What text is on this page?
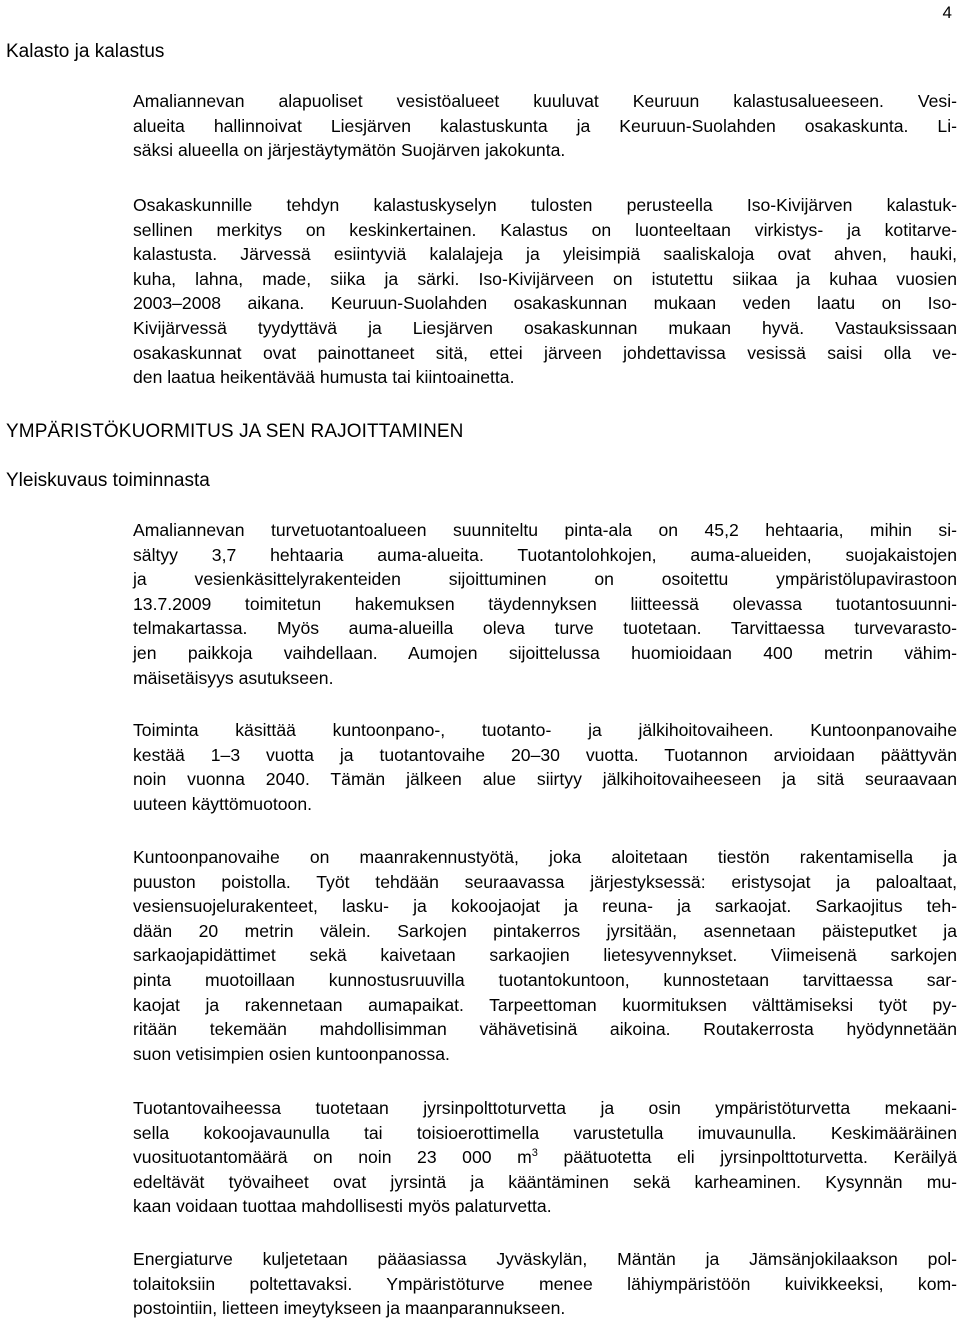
Kalasto ja kalastus
4
Amaliannevan alapuoliset vesistöalueet kuuluvat Keuruun kalastusalueeseen. Vesi-
alueita hallinnoivat Liesjärven kalastuskunta ja Keuruun-Suolahden osakaskunta. Li-
säksi alueella on järjestäytymätön Suojärven jakokunta.
Osakaskunnille tehdyn kalastuskyselyn tulosten perusteella Iso-Kivijärven kalastuk-
sellinen merkitys on keskinkertainen. Kalastus on luonteeltaan virkistys- ja kotitarve-
kalastusta. Järvessä esiintyviä kalalajeja ja yleisimpiä saaliskaloja ovat ahven, hauki,
kuha, lahna, made, siika ja särki. Iso-Kivijärveen on istutettu siikaa ja kuhaa vuosien
2003–2008 aikana. Keuruun-Suolahden osakaskunnan mukaan veden laatu on Iso-
Kivijärvessä tyydyttävä ja Liesjärven osakaskunnan mukaan hyvä. Vastauksissaan
osakaskunnat ovat painottaneet sitä, ettei järveen johdettavissa vesissä saisi olla ve-
den laatua heikentävää humusta tai kiintoainetta.
YMPÄRISTÖKUORMITUS JA SEN RAJOITTAMINEN
Yleiskuvaus toiminnasta
Amaliannevan turvetuotantoalueen suunniteltu pinta-ala on 45,2 hehtaaria, mihin si-
sältyy 3,7 hehtaaria auma-alueita. Tuotantolohkojen, auma-alueiden, suojakaistojen
ja vesienkäsittelyrakenteiden sijoittuminen on osoitettu ympäristölupavirastoon
13.7.2009 toimitetun hakemuksen täydennyksen liitteessä olevassa tuotantosuunni-
telmakartassa. Myös auma-alueilla oleva turve tuotetaan. Tarvittaessa turvevarasto-
jen paikkoja vaihdellaan. Aumojen sijoittelussa huomioidaan 400 metrin vähim-
mäisetäisyys asutukseen.
Toiminta käsittää kuntoonpano-, tuotanto- ja jälkihoitovaiheen. Kuntoonpanovaihe
kestää 1–3 vuotta ja tuotantovaihe 20–30 vuotta. Tuotannon arvioidaan päättyvän
noin vuonna 2040. Tämän jälkeen alue siirtyy jälkihoitovaiheeseen ja sitä seuraavaan
uuteen käyttömuotoon.
Kuntoonpanovaihe on maanrakennustyötä, joka aloitetaan tiestön rakentamisella ja
puuston poistolla. Työt tehdään seuraavassa järjestyksessä: eristysojat ja paloaltaat,
vesiensuojelurakenteet, lasku- ja kokoojaojat ja reuna- ja sarkaojat. Sarkaojitus teh-
dään 20 metrin välein. Sarkojen pintakerros jyrsitään, asennetaan päisteputket ja
sarkaojapidättimet sekä kaivetaan sarkaojien lietesyvennykset. Viimeisenä sarkojen
pinta muotoillaan kunnostusruuvilla tuotantokuntoon, kunnostetaan tarvittaessa sar-
kaojat ja rakennetaan aumapaikat. Tarpeettoman kuormituksen välttämiseksi työt py-
ritään tekemään mahdollisimman vähävetisinä aikoina. Routakerrosta hyödynnetään
suon vetisimpien osien kuntoonpanossa.
Tuotantovaiheessa tuotetaan jyrsinpolttoturvetta ja osin ympäristöturvetta mekaani-
sella kokoojavaunulla tai toisioerottimella varustetulla imuvaunulla. Keskimääräinen
vuosituotantomäärä on noin 23 000 $m^3$ päätuotetta eli jyrsinpolttoturvetta. Keräilyä
edeltävät työvaiheet ovat jyrsintä ja kääntäminen sekä karheaminen. Kysynnän mu-
kaan voidaan tuottaa mahdollisesti myös palaturvetta.
Energiaturve kuljetetaan pääasiassa Jyväskylän, Mäntän ja Jämsänjokilaakson pol-
tolaitoksiin poltettavaksi. Ympäristöturve menee lähiympäristöön kuivikkeeksi, kom-
postointiin, lietteen imeytykseen ja maanparannukseen.
